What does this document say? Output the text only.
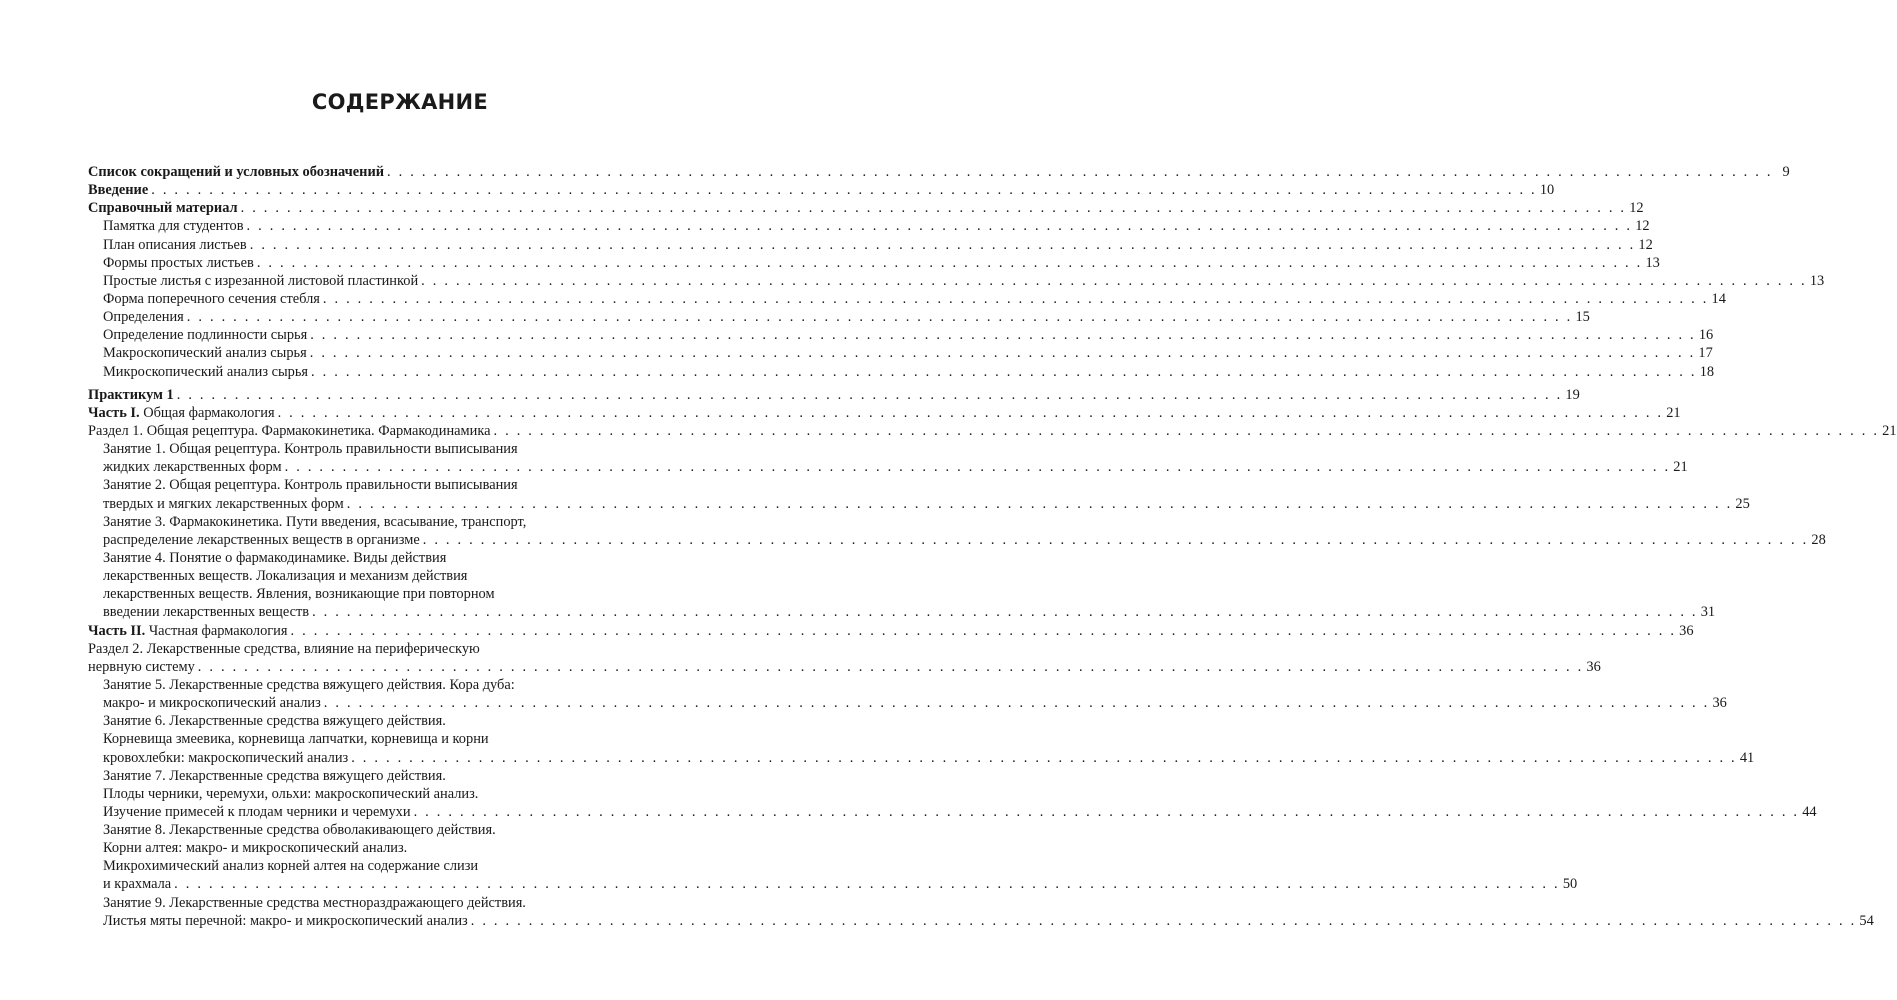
СОДЕРЖАНИЕ
Список сокращений и условных обозначений . . . . . . . . . . . . . . . . . . . . . . . . . . . . . . . . . . . . . . . . . . . . . . . . . . . . . . . . . . . . . . . . . . . . . . . . . . . . . . . . . . . . . . . . . . . . . . . . . . . . . . . . . . . . . . . . . . . . . . . . 9
Введение . . . . . . . . . . . . . . . . . . . . . . . . . . . . . . . . . . . . . . . . . . . . . . . . . . . . . . . . . . . . . . . . . . . . . . . . . . . . . . . . . . . . . . . . . . . . . . . . . . . . . . . . . . . . . . . . . . . . . . . . 10
Справочный материал . . . . . . . . . . . . . . . . . . . . . . . . . . . . . . . . . . . . . . . . . . . . . . . . . . . . . . . . . . . . . . . . . . . . . . . . . . . . . . . . . . . . . . . . . . . . . . . . . . . . . . . . . . . . . . . . . . . . . . . . 12
Памятка для студентов . . . . . . . . . . . . . . . . . . . . . . . . . . . . . . . . . . . . . . . . . . . . . . . . . . . . . . . . . . . . . . . . . . . . . . . . . . . . . . . . . . . . . . . . . . . . . . . . . . . . . . . . . . . . . . . . . . . . . . . . 12
План описания листьев . . . . . . . . . . . . . . . . . . . . . . . . . . . . . . . . . . . . . . . . . . . . . . . . . . . . . . . . . . . . . . . . . . . . . . . . . . . . . . . . . . . . . . . . . . . . . . . . . . . . . . . . . . . . . . . . . . . . . . . . 12
Формы простых листьев . . . . . . . . . . . . . . . . . . . . . . . . . . . . . . . . . . . . . . . . . . . . . . . . . . . . . . . . . . . . . . . . . . . . . . . . . . . . . . . . . . . . . . . . . . . . . . . . . . . . . . . . . . . . . . . . . . . . . . . . 13
Простые листья с изрезанной листовой пластинкой . . . . . . . . . . . . . . . . . . . . . . . . . . . . . . . . . . . . . . . . . . . . . . . . . . . . . . . . . . . . . . . . . . . . . . . . . . . . . . . . . . . . . . . . . . . . . . . . . . . . . . . . . . . . . . . . . . . . . . . . 13
Форма поперечного сечения стебля . . . . . . . . . . . . . . . . . . . . . . . . . . . . . . . . . . . . . . . . . . . . . . . . . . . . . . . . . . . . . . . . . . . . . . . . . . . . . . . . . . . . . . . . . . . . . . . . . . . . . . . . . . . . . . . . . . . . . . . . 14
Определения . . . . . . . . . . . . . . . . . . . . . . . . . . . . . . . . . . . . . . . . . . . . . . . . . . . . . . . . . . . . . . . . . . . . . . . . . . . . . . . . . . . . . . . . . . . . . . . . . . . . . . . . . . . . . . . . . . . . . . . . 15
Определение подлинности сырья . . . . . . . . . . . . . . . . . . . . . . . . . . . . . . . . . . . . . . . . . . . . . . . . . . . . . . . . . . . . . . . . . . . . . . . . . . . . . . . . . . . . . . . . . . . . . . . . . . . . . . . . . . . . . . . . . . . . . . . . 16
Макроскопический анализ сырья . . . . . . . . . . . . . . . . . . . . . . . . . . . . . . . . . . . . . . . . . . . . . . . . . . . . . . . . . . . . . . . . . . . . . . . . . . . . . . . . . . . . . . . . . . . . . . . . . . . . . . . . . . . . . . . . . . . . . . . . 17
Микроскопический анализ сырья . . . . . . . . . . . . . . . . . . . . . . . . . . . . . . . . . . . . . . . . . . . . . . . . . . . . . . . . . . . . . . . . . . . . . . . . . . . . . . . . . . . . . . . . . . . . . . . . . . . . . . . . . . . . . . . . . . . . . . . . 18
Практикум 1 . . . . . . . . . . . . . . . . . . . . . . . . . . . . . . . . . . . . . . . . . . . . . . . . . . . . . . . . . . . . . . . . . . . . . . . . . . . . . . . . . . . . . . . . . . . . . . . . . . . . . . . . . . . . . . . . . . . . . . . . 19
Часть I. Общая фармакология . . . . . . . . . . . . . . . . . . . . . . . . . . . . . . . . . . . . . . . . . . . . . . . . . . . . . . . . . . . . . . . . . . . . . . . . . . . . . . . . . . . . . . . . . . . . . . . . . . . . . . . . . . . . . . . . . . . . . . . . 21
Раздел 1. Общая рецептура. Фармакокинетика. Фармакодинамика . . . . . . . . . . . . . . . . . . . . . . . . . . . . . . . . . . . . . . . . . . . . . . . . . . . . . . . . . . . . . . . . . . . . . . . . . . . . . . . . . . . . . . . . . . . . . . . . . . . . . . . . . . . . . . . . . . . . . . . . 21
Занятие 1. Общая рецептура. Контроль правильности выписывания
жидких лекарственных форм . . . . . . . . . . . . . . . . . . . . . . . . . . . . . . . . . . . . . . . . . . . . . . . . . . . . . . . . . . . . . . . . . . . . . . . . . . . . . . . . . . . . . . . . . . . . . . . . . . . . . . . . . . . . . . . . . . . . . . . . 21
Занятие 2. Общая рецептура. Контроль правильности выписывания
твердых и мягких лекарственных форм . . . . . . . . . . . . . . . . . . . . . . . . . . . . . . . . . . . . . . . . . . . . . . . . . . . . . . . . . . . . . . . . . . . . . . . . . . . . . . . . . . . . . . . . . . . . . . . . . . . . . . . . . . . . . . . . . . . . . . . . 25
Занятие 3. Фармакокинетика. Пути введения, всасывание, транспорт,
распределение лекарственных веществ в организме . . . . . . . . . . . . . . . . . . . . . . . . . . . . . . . . . . . . . . . . . . . . . . . . . . . . . . . . . . . . . . . . . . . . . . . . . . . . . . . . . . . . . . . . . . . . . . . . . . . . . . . . . . . . . . . . . . . . . . . . 28
Занятие 4. Понятие о фармакодинамике. Виды действия
лекарственных веществ. Локализация и механизм действия
лекарственных веществ. Явления, возникающие при повторном
введении лекарственных веществ . . . . . . . . . . . . . . . . . . . . . . . . . . . . . . . . . . . . . . . . . . . . . . . . . . . . . . . . . . . . . . . . . . . . . . . . . . . . . . . . . . . . . . . . . . . . . . . . . . . . . . . . . . . . . . . . . . . . . . . . 31
Часть II. Частная фармакология . . . . . . . . . . . . . . . . . . . . . . . . . . . . . . . . . . . . . . . . . . . . . . . . . . . . . . . . . . . . . . . . . . . . . . . . . . . . . . . . . . . . . . . . . . . . . . . . . . . . . . . . . . . . . . . . . . . . . . . . 36
Раздел 2. Лекарственные средства, влияние на периферическую
нервную систему . . . . . . . . . . . . . . . . . . . . . . . . . . . . . . . . . . . . . . . . . . . . . . . . . . . . . . . . . . . . . . . . . . . . . . . . . . . . . . . . . . . . . . . . . . . . . . . . . . . . . . . . . . . . . . . . . . . . . . . . 36
Занятие 5. Лекарственные средства вяжущего действия. Кора дуба:
макро- и микроскопический анализ . . . . . . . . . . . . . . . . . . . . . . . . . . . . . . . . . . . . . . . . . . . . . . . . . . . . . . . . . . . . . . . . . . . . . . . . . . . . . . . . . . . . . . . . . . . . . . . . . . . . . . . . . . . . . . . . . . . . . . . . 36
Занятие 6. Лекарственные средства вяжущего действия.
Корневища змеевика, корневища лапчатки, корневища и корни
кровохлебки: макроскопический анализ . . . . . . . . . . . . . . . . . . . . . . . . . . . . . . . . . . . . . . . . . . . . . . . . . . . . . . . . . . . . . . . . . . . . . . . . . . . . . . . . . . . . . . . . . . . . . . . . . . . . . . . . . . . . . . . . . . . . . . . . 41
Занятие 7. Лекарственные средства вяжущего действия.
Плоды черники, черемухи, ольхи: макроскопический анализ.
Изучение примесей к плодам черники и черемухи . . . . . . . . . . . . . . . . . . . . . . . . . . . . . . . . . . . . . . . . . . . . . . . . . . . . . . . . . . . . . . . . . . . . . . . . . . . . . . . . . . . . . . . . . . . . . . . . . . . . . . . . . . . . . . . . . . . . . . . . 44
Занятие 8. Лекарственные средства обволакивающего действия.
Корни алтея: макро- и микроскопический анализ.
Микрохимический анализ корней алтея на содержание слизи
и крахмала . . . . . . . . . . . . . . . . . . . . . . . . . . . . . . . . . . . . . . . . . . . . . . . . . . . . . . . . . . . . . . . . . . . . . . . . . . . . . . . . . . . . . . . . . . . . . . . . . . . . . . . . . . . . . . . . . . . . . . . . 50
Занятие 9. Лекарственные средства местнораздражающего действия.
Листья мяты перечной: макро- и микроскопический анализ . . . . . . . . . . . . . . . . . . . . . . . . . . . . . . . . . . . . . . . . . . . . . . . . . . . . . . . . . . . . . . . . . . . . . . . . . . . . . . . . . . . . . . . . . . . . . . . . . . . . . . . . . . . . . . . . . . . . . . . . 54
